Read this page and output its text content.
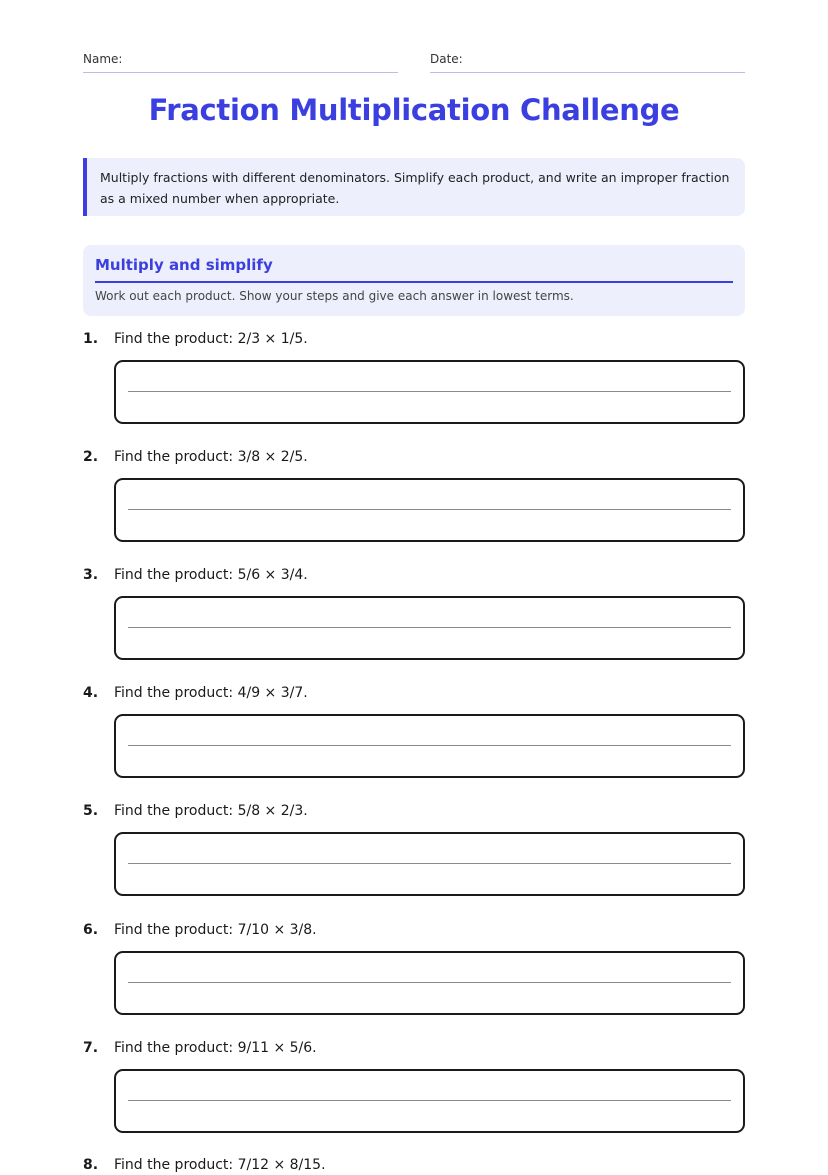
Name:	Date:
Fraction Multiplication Challenge
Multiply fractions with different denominators. Simplify each product, and write an improper fraction as a mixed number when appropriate.
Multiply and simplify
Work out each product. Show your steps and give each answer in lowest terms.
1. Find the product: 2/3 × 1/5.
2. Find the product: 3/8 × 2/5.
3. Find the product: 5/6 × 3/4.
4. Find the product: 4/9 × 3/7.
5. Find the product: 5/8 × 2/3.
6. Find the product: 7/10 × 3/8.
7. Find the product: 9/11 × 5/6.
8. Find the product: 7/12 × 8/15.
